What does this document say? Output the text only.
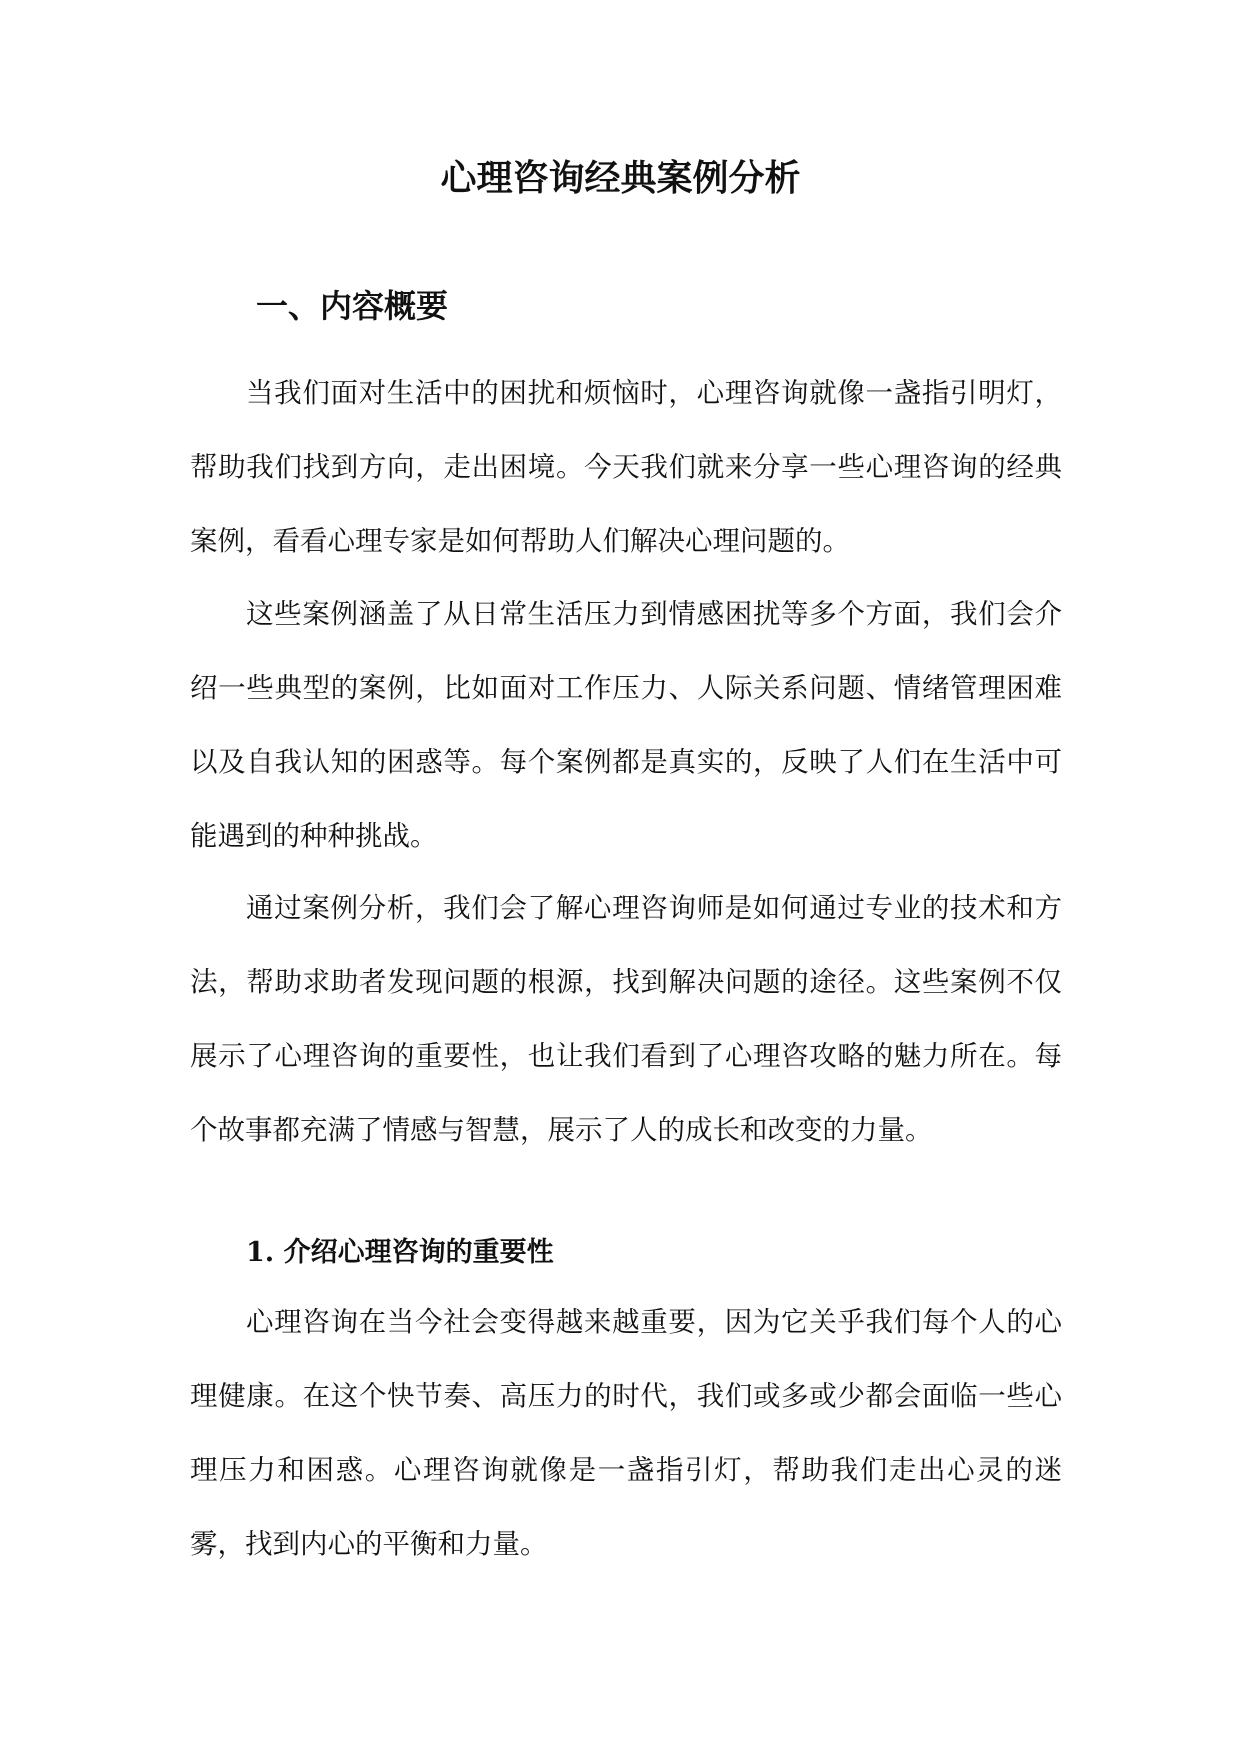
心理咨询经典案例分析
一、内容概要

当我们面对生活中的困扰和烦恼时，心理咨询就像一盏指引明灯，帮助我们找到方向，走出困境。今天我们就来分享一些心理咨询的经典案例，看看心理专家是如何帮助人们解决心理问题的。

这些案例涵盖了从日常生活压力到情感困扰等多个方面，我们会介绍一些典型的案例，比如面对工作压力、人际关系问题、情绪管理困难以及自我认知的困惑等。每个案例都是真实的，反映了人们在生活中可能遇到的种种挑战。

通过案例分析，我们会了解心理咨询师是如何通过专业的技术和方法，帮助求助者发现问题的根源，找到解决问题的途径。这些案例不仅展示了心理咨询的重要性，也让我们看到了心理咨攻略的魅力所在。每个故事都充满了情感与智慧，展示了人的成长和改变的力量。

1. 介绍心理咨询的重要性

心理咨询在当今社会变得越来越重要，因为它关乎我们每个人的心理健康。在这个快节奏、高压力的时代，我们或多或少都会面临一些心理压力和困惑。心理咨询就像是一盏指引灯，帮助我们走出心灵的迷雾，找到内心的平衡和力量。
